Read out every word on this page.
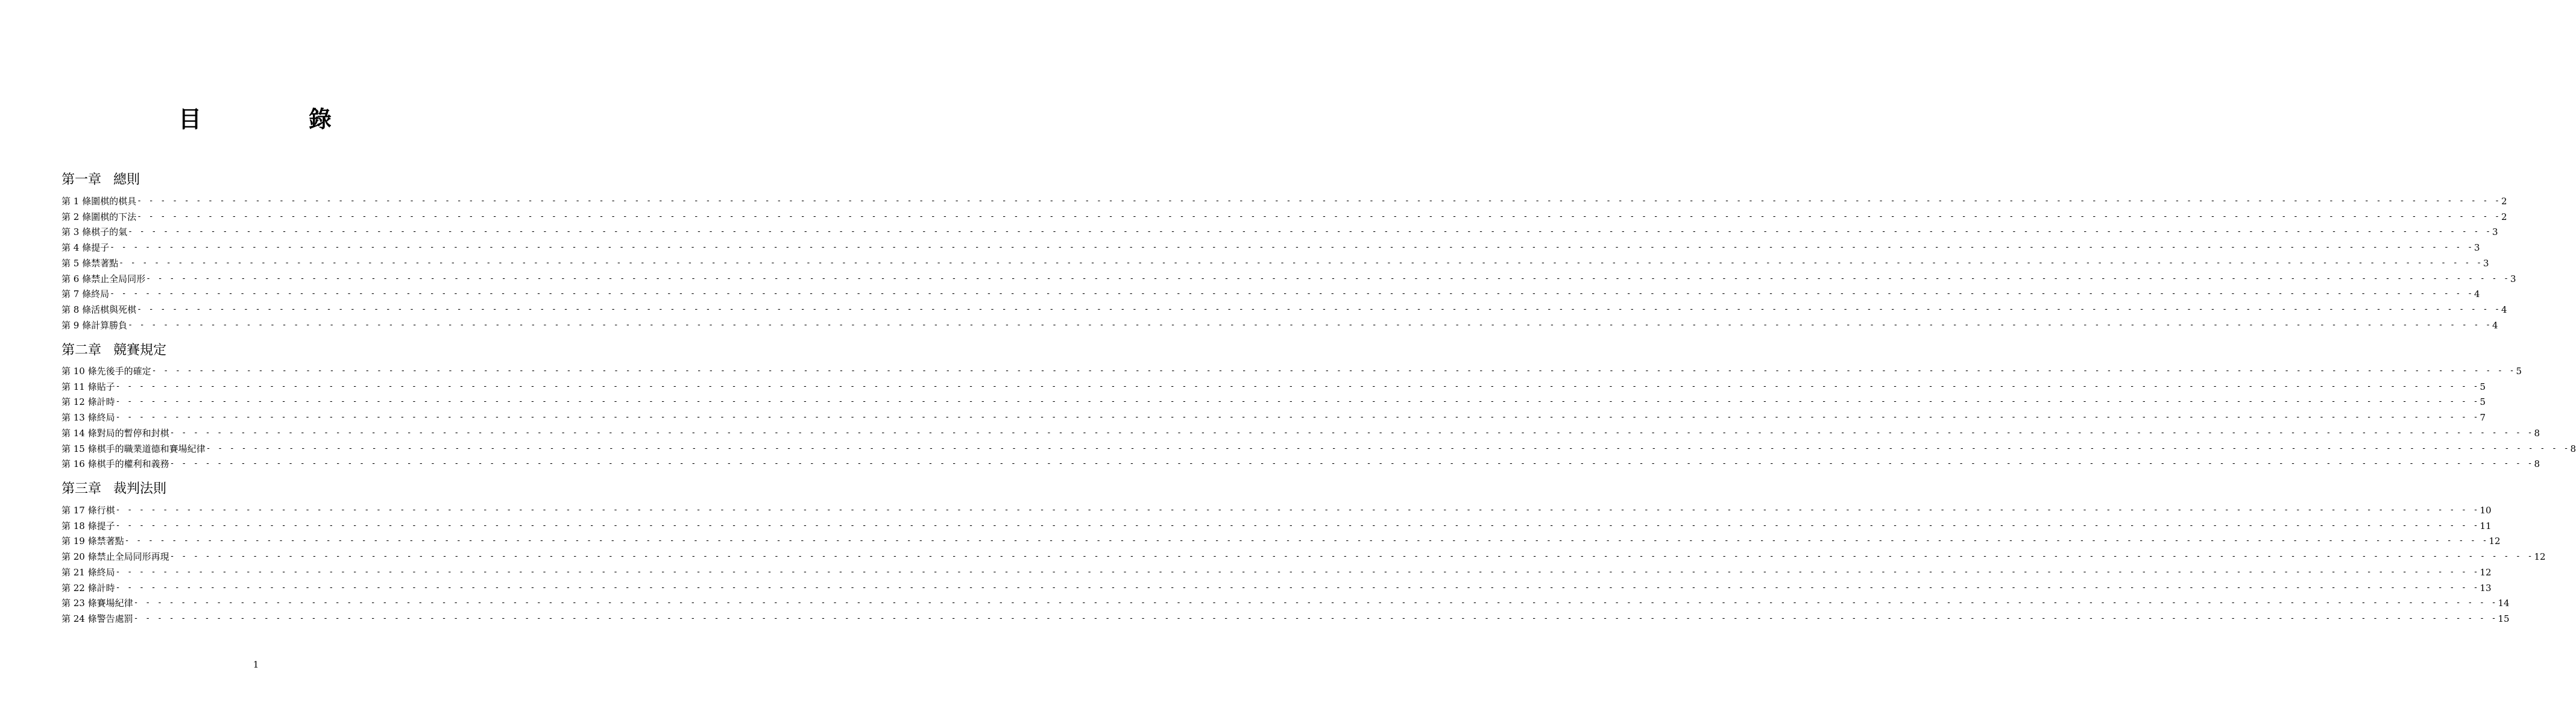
目	錄
第一章 總則
第 1 條 圍棋的棋具 - - - - - - - - - - - - - - - - - - - - - - - - - - - - - - - - - - - - - - - - - - - - - - - - - - - - - - - - - - - - - - - - - - - - - - - - - - - - - - - - - - - - - - - - - - - - - - - - - - - - - - - - - - - - - - - - - - - - - - - - - - - - - - - - - - - - - - - - - - - - - - - - - - - - - - - - - - - - - - - - - - - - - - - - - - - - - - - - - - - - - - - - - - - - - - - - - - - - - - - - 2
第 2 條 圍棋的下法 - - - - - - - - - - - - - - - - - - - - - - - - - - - - - - - - - - - - - - - - - - - - - - - - - - - - - - - - - - - - - - - - - - - - - - - - - - - - - - - - - - - - - - - - - - - - - - - - - - - - - - - - - - - - - - - - - - - - - - - - - - - - - - - - - - - - - - - - - - - - - - - - - - - - - - - - - - - - - - - - - - - - - - - - - - - - - - - - - - - - - - - - - - - - - - - - - - - - - - - - 2
第 3 條 棋子的氣 - - - - - - - - - - - - - - - - - - - - - - - - - - - - - - - - - - - - - - - - - - - - - - - - - - - - - - - - - - - - - - - - - - - - - - - - - - - - - - - - - - - - - - - - - - - - - - - - - - - - - - - - - - - - - - - - - - - - - - - - - - - - - - - - - - - - - - - - - - - - - - - - - - - - - - - - - - - - - - - - - - - - - - - - - - - - - - - - - - - - - - - - - - - - - - - - - - - - - - - - 3
第 4 條 提子 - - - - - - - - - - - - - - - - - - - - - - - - - - - - - - - - - - - - - - - - - - - - - - - - - - - - - - - - - - - - - - - - - - - - - - - - - - - - - - - - - - - - - - - - - - - - - - - - - - - - - - - - - - - - - - - - - - - - - - - - - - - - - - - - - - - - - - - - - - - - - - - - - - - - - - - - - - - - - - - - - - - - - - - - - - - - - - - - - - - - - - - - - - - - - - - - - - - - - - - - 3
第 5 條 禁著點 - - - - - - - - - - - - - - - - - - - - - - - - - - - - - - - - - - - - - - - - - - - - - - - - - - - - - - - - - - - - - - - - - - - - - - - - - - - - - - - - - - - - - - - - - - - - - - - - - - - - - - - - - - - - - - - - - - - - - - - - - - - - - - - - - - - - - - - - - - - - - - - - - - - - - - - - - - - - - - - - - - - - - - - - - - - - - - - - - - - - - - - - - - - - - - - - - - - - - - - - 3
第 6 條 禁止全局同形 - - - - - - - - - - - - - - - - - - - - - - - - - - - - - - - - - - - - - - - - - - - - - - - - - - - - - - - - - - - - - - - - - - - - - - - - - - - - - - - - - - - - - - - - - - - - - - - - - - - - - - - - - - - - - - - - - - - - - - - - - - - - - - - - - - - - - - - - - - - - - - - - - - - - - - - - - - - - - - - - - - - - - - - - - - - - - - - - - - - - - - - - - - - - - - - - - - - - - - - - 3
第 7 條 終局 - - - - - - - - - - - - - - - - - - - - - - - - - - - - - - - - - - - - - - - - - - - - - - - - - - - - - - - - - - - - - - - - - - - - - - - - - - - - - - - - - - - - - - - - - - - - - - - - - - - - - - - - - - - - - - - - - - - - - - - - - - - - - - - - - - - - - - - - - - - - - - - - - - - - - - - - - - - - - - - - - - - - - - - - - - - - - - - - - - - - - - - - - - - - - - - - - - - - - - - - 4
第 8 條 活棋與死棋 - - - - - - - - - - - - - - - - - - - - - - - - - - - - - - - - - - - - - - - - - - - - - - - - - - - - - - - - - - - - - - - - - - - - - - - - - - - - - - - - - - - - - - - - - - - - - - - - - - - - - - - - - - - - - - - - - - - - - - - - - - - - - - - - - - - - - - - - - - - - - - - - - - - - - - - - - - - - - - - - - - - - - - - - - - - - - - - - - - - - - - - - - - - - - - - - - - - - - - - - 4
第 9 條 計算勝負 - - - - - - - - - - - - - - - - - - - - - - - - - - - - - - - - - - - - - - - - - - - - - - - - - - - - - - - - - - - - - - - - - - - - - - - - - - - - - - - - - - - - - - - - - - - - - - - - - - - - - - - - - - - - - - - - - - - - - - - - - - - - - - - - - - - - - - - - - - - - - - - - - - - - - - - - - - - - - - - - - - - - - - - - - - - - - - - - - - - - - - - - - - - - - - - - - - - - - - - - 4
第二章 競賽規定
第 10 條 先後手的確定 - - - - - - - - - - - - - - - - - - - - - - - - - - - - - - - - - - - - - - - - - - - - - - - - - - - - - - - - - - - - - - - - - - - - - - - - - - - - - - - - - - - - - - - - - - - - - - - - - - - - - - - - - - - - - - - - - - - - - - - - - - - - - - - - - - - - - - - - - - - - - - - - - - - - - - - - - - - - - - - - - - - - - - - - - - - - - - - - - - - - - - - - - - - - - - - - - - - - - - - - 5
第 11 條 貼子 - - - - - - - - - - - - - - - - - - - - - - - - - - - - - - - - - - - - - - - - - - - - - - - - - - - - - - - - - - - - - - - - - - - - - - - - - - - - - - - - - - - - - - - - - - - - - - - - - - - - - - - - - - - - - - - - - - - - - - - - - - - - - - - - - - - - - - - - - - - - - - - - - - - - - - - - - - - - - - - - - - - - - - - - - - - - - - - - - - - - - - - - - - - - - - - - - - - - - - - - 5
第 12 條 計時 - - - - - - - - - - - - - - - - - - - - - - - - - - - - - - - - - - - - - - - - - - - - - - - - - - - - - - - - - - - - - - - - - - - - - - - - - - - - - - - - - - - - - - - - - - - - - - - - - - - - - - - - - - - - - - - - - - - - - - - - - - - - - - - - - - - - - - - - - - - - - - - - - - - - - - - - - - - - - - - - - - - - - - - - - - - - - - - - - - - - - - - - - - - - - - - - - - - - - - - - 5
第 13 條 終局 - - - - - - - - - - - - - - - - - - - - - - - - - - - - - - - - - - - - - - - - - - - - - - - - - - - - - - - - - - - - - - - - - - - - - - - - - - - - - - - - - - - - - - - - - - - - - - - - - - - - - - - - - - - - - - - - - - - - - - - - - - - - - - - - - - - - - - - - - - - - - - - - - - - - - - - - - - - - - - - - - - - - - - - - - - - - - - - - - - - - - - - - - - - - - - - - - - - - - - - - 7
第 14 條 對局的暫停和封棋 - - - - - - - - - - - - - - - - - - - - - - - - - - - - - - - - - - - - - - - - - - - - - - - - - - - - - - - - - - - - - - - - - - - - - - - - - - - - - - - - - - - - - - - - - - - - - - - - - - - - - - - - - - - - - - - - - - - - - - - - - - - - - - - - - - - - - - - - - - - - - - - - - - - - - - - - - - - - - - - - - - - - - - - - - - - - - - - - - - - - - - - - - - - - - - - - - - - - - - - - 8
第 15 條 棋手的職業道德和賽場紀律 - - - - - - - - - - - - - - - - - - - - - - - - - - - - - - - - - - - - - - - - - - - - - - - - - - - - - - - - - - - - - - - - - - - - - - - - - - - - - - - - - - - - - - - - - - - - - - - - - - - - - - - - - - - - - - - - - - - - - - - - - - - - - - - - - - - - - - - - - - - - - - - - - - - - - - - - - - - - - - - - - - - - - - - - - - - - - - - - - - - - - - - - - - - - - - - - - - - - - - - - 8
第 16 條 棋手的權利和義務 - - - - - - - - - - - - - - - - - - - - - - - - - - - - - - - - - - - - - - - - - - - - - - - - - - - - - - - - - - - - - - - - - - - - - - - - - - - - - - - - - - - - - - - - - - - - - - - - - - - - - - - - - - - - - - - - - - - - - - - - - - - - - - - - - - - - - - - - - - - - - - - - - - - - - - - - - - - - - - - - - - - - - - - - - - - - - - - - - - - - - - - - - - - - - - - - - - - - - - - - 8
第三章 裁判法則
第 17 條 行棋 - - - - - - - - - - - - - - - - - - - - - - - - - - - - - - - - - - - - - - - - - - - - - - - - - - - - - - - - - - - - - - - - - - - - - - - - - - - - - - - - - - - - - - - - - - - - - - - - - - - - - - - - - - - - - - - - - - - - - - - - - - - - - - - - - - - - - - - - - - - - - - - - - - - - - - - - - - - - - - - - - - - - - - - - - - - - - - - - - - - - - - - - - - - - - - - - - - - - - - - - 10
第 18 條 提子 - - - - - - - - - - - - - - - - - - - - - - - - - - - - - - - - - - - - - - - - - - - - - - - - - - - - - - - - - - - - - - - - - - - - - - - - - - - - - - - - - - - - - - - - - - - - - - - - - - - - - - - - - - - - - - - - - - - - - - - - - - - - - - - - - - - - - - - - - - - - - - - - - - - - - - - - - - - - - - - - - - - - - - - - - - - - - - - - - - - - - - - - - - - - - - - - - - - - - - - - 11
第 19 條 禁著點 - - - - - - - - - - - - - - - - - - - - - - - - - - - - - - - - - - - - - - - - - - - - - - - - - - - - - - - - - - - - - - - - - - - - - - - - - - - - - - - - - - - - - - - - - - - - - - - - - - - - - - - - - - - - - - - - - - - - - - - - - - - - - - - - - - - - - - - - - - - - - - - - - - - - - - - - - - - - - - - - - - - - - - - - - - - - - - - - - - - - - - - - - - - - - - - - - - - - - - - - 12
第 20 條 禁止全局同形再現 - - - - - - - - - - - - - - - - - - - - - - - - - - - - - - - - - - - - - - - - - - - - - - - - - - - - - - - - - - - - - - - - - - - - - - - - - - - - - - - - - - - - - - - - - - - - - - - - - - - - - - - - - - - - - - - - - - - - - - - - - - - - - - - - - - - - - - - - - - - - - - - - - - - - - - - - - - - - - - - - - - - - - - - - - - - - - - - - - - - - - - - - - - - - - - - - - - - - - - - - 12
第 21 條 終局 - - - - - - - - - - - - - - - - - - - - - - - - - - - - - - - - - - - - - - - - - - - - - - - - - - - - - - - - - - - - - - - - - - - - - - - - - - - - - - - - - - - - - - - - - - - - - - - - - - - - - - - - - - - - - - - - - - - - - - - - - - - - - - - - - - - - - - - - - - - - - - - - - - - - - - - - - - - - - - - - - - - - - - - - - - - - - - - - - - - - - - - - - - - - - - - - - - - - - - - - 12
第 22 條 計時 - - - - - - - - - - - - - - - - - - - - - - - - - - - - - - - - - - - - - - - - - - - - - - - - - - - - - - - - - - - - - - - - - - - - - - - - - - - - - - - - - - - - - - - - - - - - - - - - - - - - - - - - - - - - - - - - - - - - - - - - - - - - - - - - - - - - - - - - - - - - - - - - - - - - - - - - - - - - - - - - - - - - - - - - - - - - - - - - - - - - - - - - - - - - - - - - - - - - - - - - 13
第 23 條 賽場紀律 - - - - - - - - - - - - - - - - - - - - - - - - - - - - - - - - - - - - - - - - - - - - - - - - - - - - - - - - - - - - - - - - - - - - - - - - - - - - - - - - - - - - - - - - - - - - - - - - - - - - - - - - - - - - - - - - - - - - - - - - - - - - - - - - - - - - - - - - - - - - - - - - - - - - - - - - - - - - - - - - - - - - - - - - - - - - - - - - - - - - - - - - - - - - - - - - - - - - - - - - 14
第 24 條 警告處罰 - - - - - - - - - - - - - - - - - - - - - - - - - - - - - - - - - - - - - - - - - - - - - - - - - - - - - - - - - - - - - - - - - - - - - - - - - - - - - - - - - - - - - - - - - - - - - - - - - - - - - - - - - - - - - - - - - - - - - - - - - - - - - - - - - - - - - - - - - - - - - - - - - - - - - - - - - - - - - - - - - - - - - - - - - - - - - - - - - - - - - - - - - - - - - - - - - - - - - - - - 15
1
